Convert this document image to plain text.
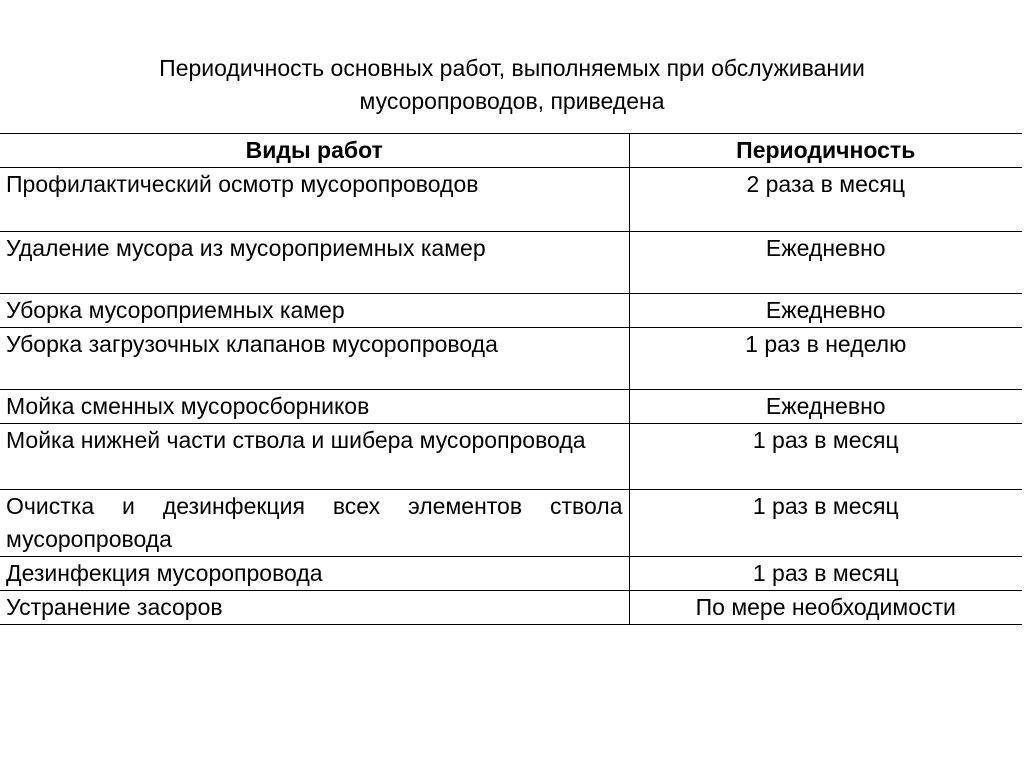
Периодичность основных работ, выполняемых при обслуживании
мусоропроводов, приведена
Виды работ	Периодичность
Профилактический осмотр мусоропроводов	2 раза в месяц
Удаление мусора из мусороприемных камер	Ежедневно
Уборка мусороприемных камер	Ежедневно
Уборка загрузочных клапанов мусоропровода	1 раз в неделю
Мойка сменных мусоросборников	Ежедневно
Мойка нижней части ствола и шибера мусоропровода	1 раз в месяц
Очистка и дезинфекция всех элементов ствола мусоропровода	1 раз в месяц
Дезинфекция мусоропровода	1 раз в месяц
Устранение засоров	По мере необходимости
